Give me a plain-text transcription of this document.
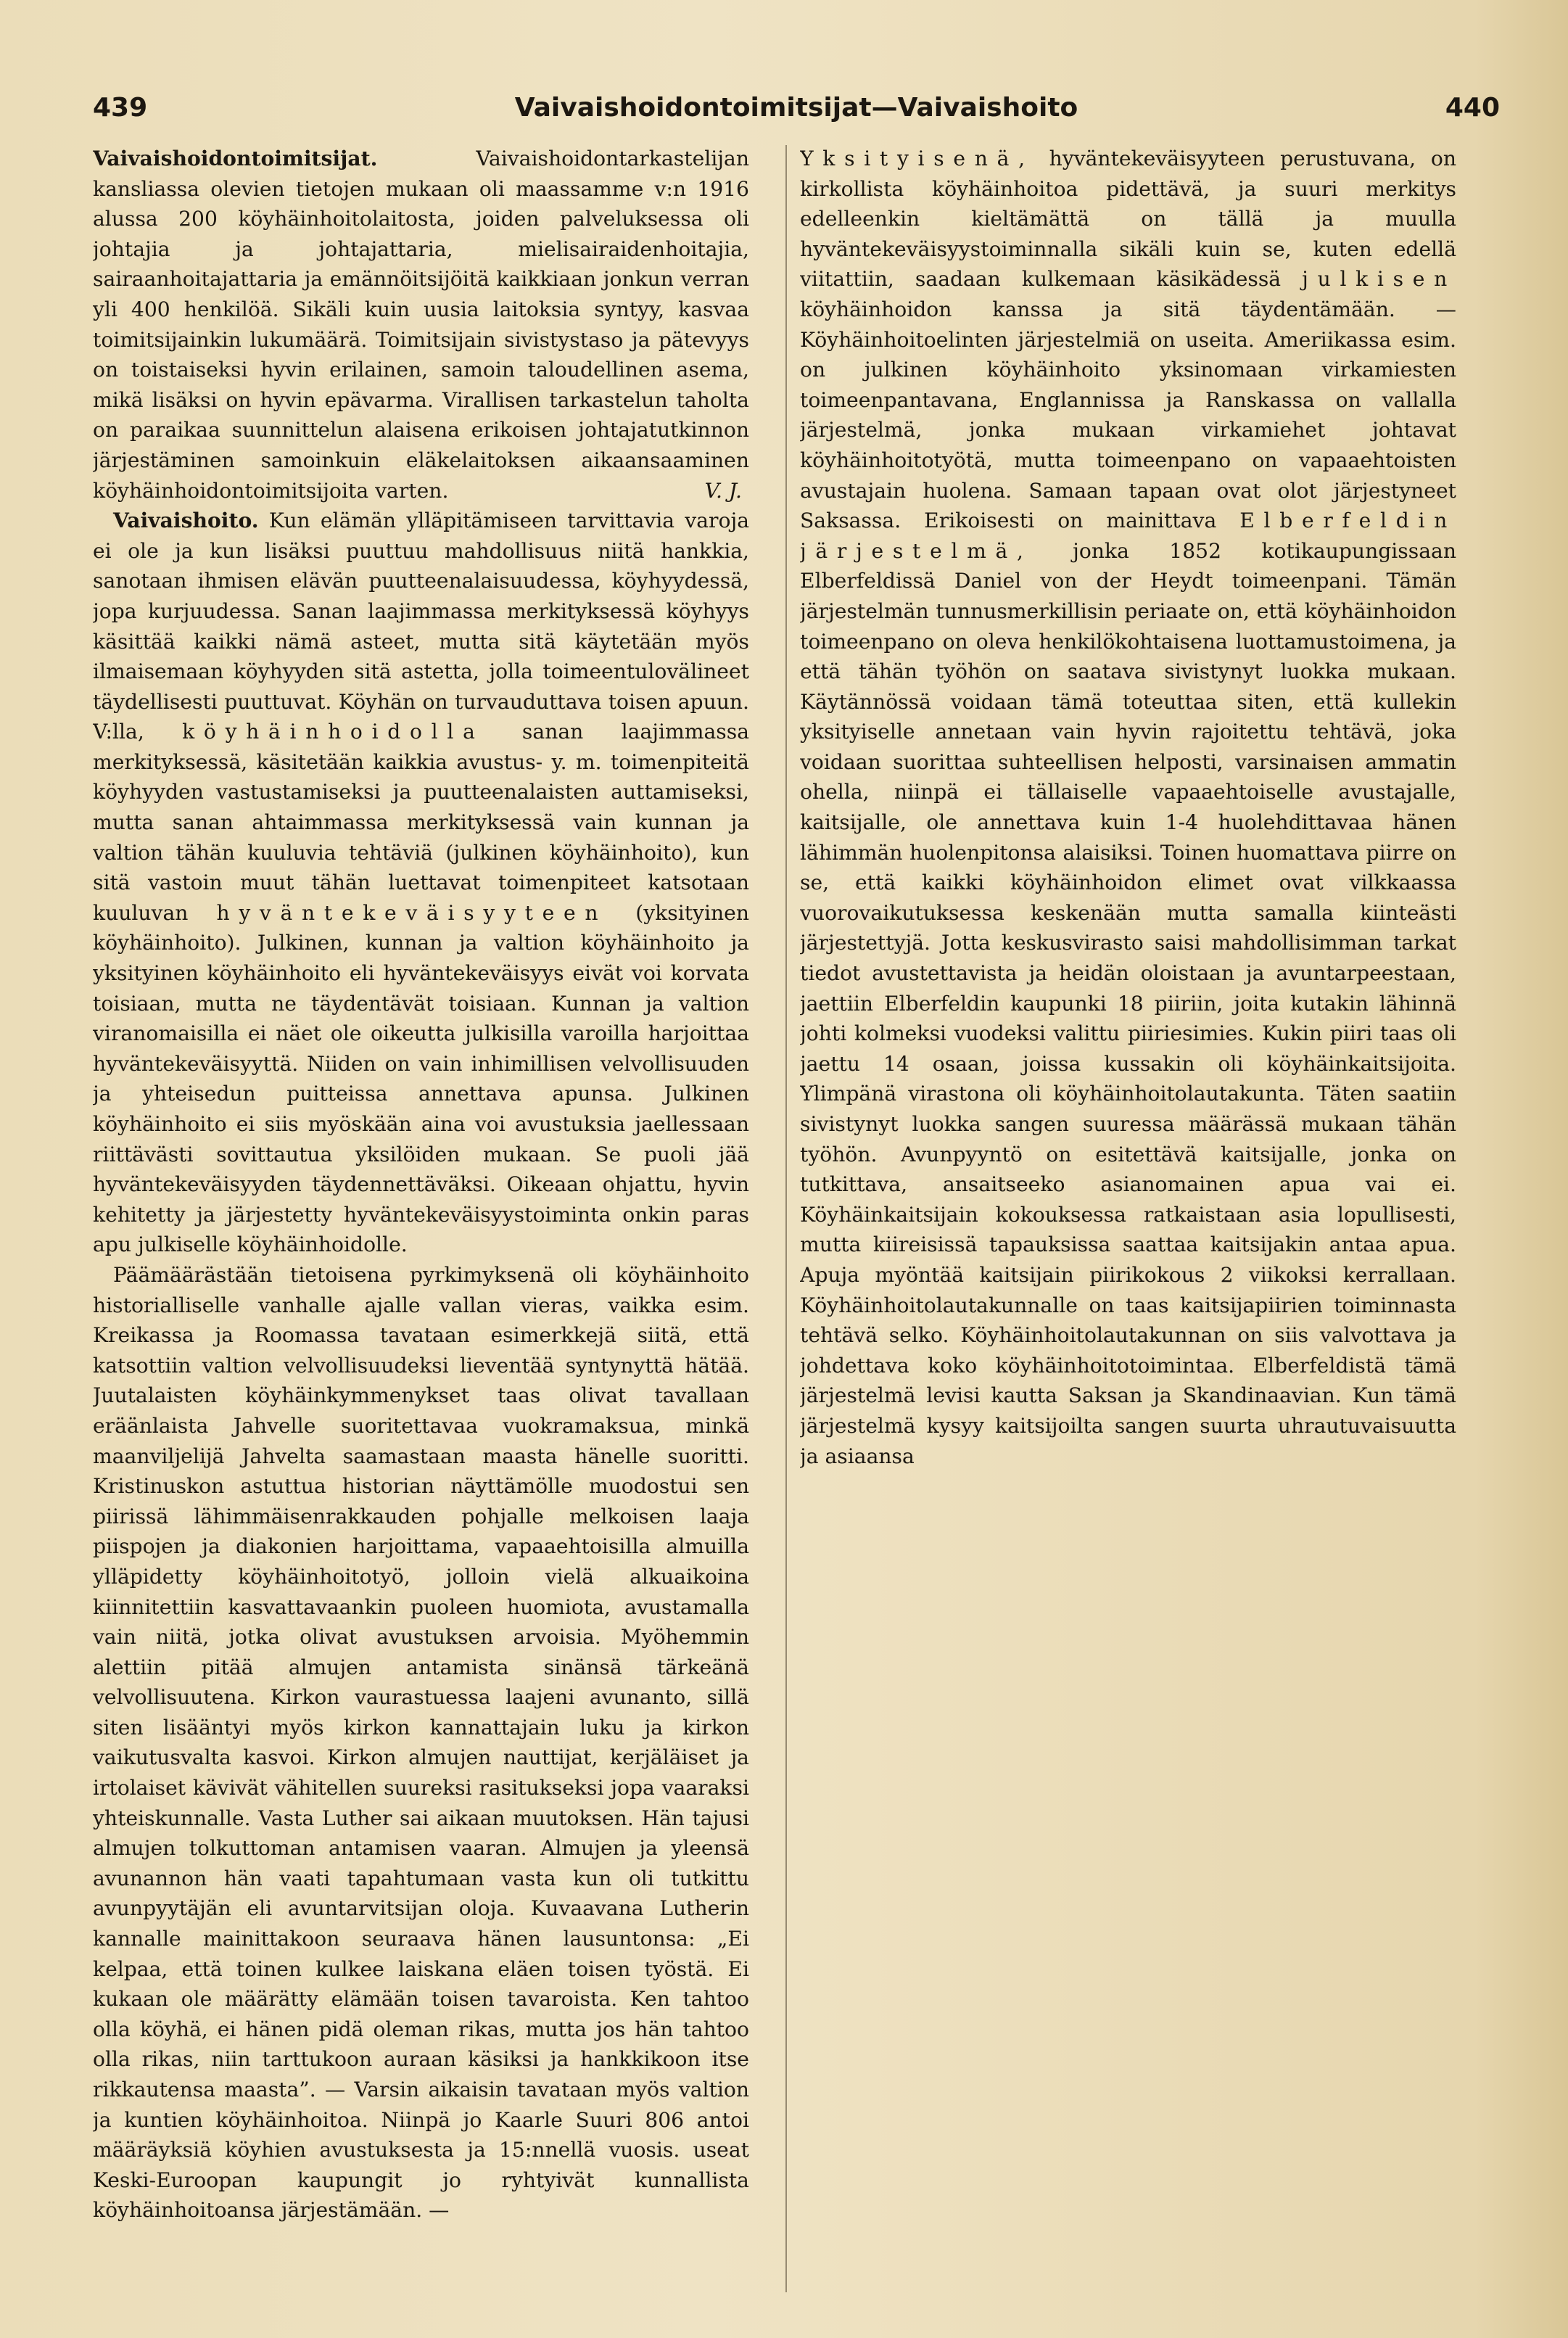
439	Vaivaishoidontoimitsijat—Vaivaishoito	440

Vaivaishoidontoimitsijat.	Vaivaishoidontarkastelijan kansliassa olevien tietojen mukaan oli maassamme v:n 1916 alussa 200 köyhäinhoitolaitosta, joiden palveluksessa oli johtajia ja johtajattaria, mielisairaidenhoitajia, sairaanhoitajattaria ja emännöitsijöitä kaikkiaan jonkun verran yli 400 henkilöä. Sikäli kuin uusia laitoksia syntyy, kasvaa toimitsijainkin lukumäärä. Toimitsijain sivistystaso ja pätevyys on toistaiseksi hyvin erilainen, samoin taloudellinen asema, mikä lisäksi on hyvin epävarma. Virallisen tarkastelun taholta on paraikaa suunnittelun alaisena erikoisen johtajatutkinnon järjestäminen samoinkuin eläkelaitoksen aikaansaaminen köyhäinhoidontoimitsijoita varten.	V. J.

Vaivaishoito. Kun elämän ylläpitämiseen tarvittavia varoja ei ole ja kun lisäksi puuttuu mahdollisuus niitä hankkia, sanotaan ihmisen elävän puutteenalaisuudessa, köyhyydessä, jopa kurjuudessa. Sanan laajimmassa merkityksessä köyhyys käsittää kaikki nämä asteet, mutta sitä käytetään myös ilmaisemaan köyhyyden sitä astetta, jolla toimeentulovälineet täydellisesti puuttuvat. Köyhän on turvauduttava toisen apuun. V:lla, köyhäinhoidolla sanan laajimmassa merkityksessä, käsitetään kaikkia avustus- y. m. toimenpiteitä köyhyyden vastustamiseksi ja puutteenalaisten auttamiseksi, mutta sanan ahtaimmassa merkityksessä vain kunnan ja valtion tähän kuuluvia tehtäviä (julkinen köyhäinhoito), kun sitä vastoin muut tähän luettavat toimenpiteet katsotaan kuuluvan hyväntekeväisyyteen (yksityinen köyhäinhoito). Julkinen, kunnan ja valtion köyhäinhoito ja yksityinen köyhäinhoito eli hyväntekeväisyys eivät voi korvata toisiaan, mutta ne täydentävät toisiaan. Kunnan ja valtion viranomaisilla ei näet ole oikeutta julkisilla varoilla harjoittaa hyväntekeväisyyttä. Niiden on vain inhimillisen velvollisuuden ja yhteisedun puitteissa annettava apunsa. Julkinen köyhäinhoito ei siis myöskään aina voi avustuksia jaellessaan riittävästi sovittautua yksilöiden mukaan. Se puoli jää hyväntekeväisyyden täydennettäväksi. Oikeaan ohjattu, hyvin kehitetty ja järjestetty hyväntekeväisyystoiminta onkin paras apu julkiselle köyhäinhoidolle.

Päämäärästään tietoisena pyrkimyksenä oli köyhäinhoito historialliselle vanhalle ajalle vallan vieras, vaikka esim. Kreikassa ja Roomassa tavataan esimerkkejä siitä, että katsottiin valtion velvollisuudeksi lieventää syntynyttä hätää. Juutalaisten köyhäinkymmenykset taas olivat tavallaan eräänlaista Jahvelle suoritettavaa vuokramaksua, minkä maanviljelijä Jahvelta saamastaan maasta hänelle suoritti. Kristinuskon astuttua historian näyttämölle muodostui sen piirissä lähimmäisenrakkauden pohjalle melkoisen laaja piispojen ja diakonien harjoittama, vapaaehtoisilla almuilla ylläpidetty köyhäinhoitotyö, jolloin vielä alkuaikoina kiinnitettiin kasvattavaankin puoleen huomiota, avustamalla vain niitä, jotka olivat avustuksen arvoisia. Myöhemmin alettiin pitää almujen antamista sinänsä tärkeänä velvollisuutena. Kirkon vaurastuessa laajeni avunanto, sillä siten lisääntyi myös kirkon kannattajain luku ja kirkon vaikutusvalta kasvoi. Kirkon almujen nauttijat, kerjäläiset ja irtolaiset kävivät vähitellen suureksi rasitukseksi jopa vaaraksi yhteiskunnalle. Vasta Luther sai aikaan muutoksen. Hän tajusi almujen tolkuttoman antamisen vaaran. Almujen ja yleensä avunannon hän vaati tapahtumaan vasta kun oli tutkittu avunpyytäjän eli avuntarvitsijan oloja. Kuvaavana Lutherin kannalle mainittakoon seuraava hänen lausuntonsa: „Ei kelpaa, että toinen kulkee laiskana eläen toisen työstä. Ei kukaan ole määrätty elämään toisen tavaroista. Ken tahtoo olla köyhä, ei hänen pidä oleman rikas, mutta jos hän tahtoo olla rikas, niin tarttukoon auraan käsiksi ja hankkikoon itse rikkautensa maasta”. — Varsin aikaisin tavataan myös valtion ja kuntien köyhäinhoitoa. Niinpä jo Kaarle Suuri 806 antoi määräyksiä köyhien avustuksesta ja 15:nnellä vuosis. useat Keski-Euroopan kaupungit jo ryhtyivät kunnallista köyhäinhoitoansa järjestämään. —

Yksityisenä, hyväntekeväisyyteen perustuvana, on kirkollista köyhäinhoitoa pidettävä, ja suuri merkitys edelleenkin kieltämättä on tällä ja muulla hyväntekeväisyystoiminnalla sikäli kuin se, kuten edellä viitattiin, saadaan kulkemaan käsikädessä julkisen köyhäinhoidon kanssa ja sitä täydentämään. — Köyhäinhoitoelinten järjestelmiä on useita. Ameriikassa esim. on julkinen köyhäinhoito yksinomaan virkamiesten toimeenpantavana, Englannissa ja Ranskassa on vallalla järjestelmä, jonka mukaan virkamiehet johtavat köyhäinhoitotyötä, mutta toimeenpano on vapaaehtoisten avustajain huolena. Samaan tapaan ovat olot järjestyneet Saksassa. Erikoisesti on mainittava Elberfeldin järjestelmä, jonka 1852 kotikaupungissaan Elberfeldissä Daniel von der Heydt toimeenpani. Tämän järjestelmän tunnusmerkillisin periaate on, että köyhäinhoidon toimeenpano on oleva henkilökohtaisena luottamustoimena, ja että tähän työhön on saatava sivistynyt luokka mukaan. Käytännössä voidaan tämä toteuttaa siten, että kullekin yksityiselle annetaan vain hyvin rajoitettu tehtävä, joka voidaan suorittaa suhteellisen helposti, varsinaisen ammatin ohella, niinpä ei tällaiselle vapaaehtoiselle avustajalle, kaitsijalle, ole annettava kuin 1-4 huolehdittavaa hänen lähimmän huolenpitonsa alaisiksi. Toinen huomattava piirre on se, että kaikki köyhäinhoidon elimet ovat vilkkaassa vuorovaikutuksessa keskenään mutta samalla kiinteästi järjestettyjä. Jotta keskusvirasto saisi mahdollisimman tarkat tiedot avustettavista ja heidän oloistaan ja avuntarpeestaan, jaettiin Elberfeldin kaupunki 18 piiriin, joita kutakin lähinnä johti kolmeksi vuodeksi valittu piiriesimies. Kukin piiri taas oli jaettu 14 osaan, joissa kussakin oli köyhäinkaitsijoita. Ylimpänä virastona oli köyhäinhoitolautakunta. Täten saatiin sivistynyt luokka sangen suuressa määrässä mukaan tähän työhön. Avunpyyntö on esitettävä kaitsijalle, jonka on tutkittava, ansaitseeko asianomainen apua vai ei. Köyhäinkaitsijain kokouksessa ratkaistaan asia lopullisesti, mutta kiireisissä tapauksissa saattaa kaitsijakin antaa apua. Apuja myöntää kaitsijain piirikokous 2 viikoksi kerrallaan. Köyhäinhoitolautakunnalle on taas kaitsijapiirien toiminnasta tehtävä selko. Köyhäinhoitolautakunnan on siis valvottava ja johdettava koko köyhäinhoitotoimintaa. Elberfeldistä tämä järjestelmä levisi kautta Saksan ja Skandinaavian. Kun tämä järjestelmä kysyy kaitsijoilta sangen suurta uhrautuvaisuutta ja asiaansa
